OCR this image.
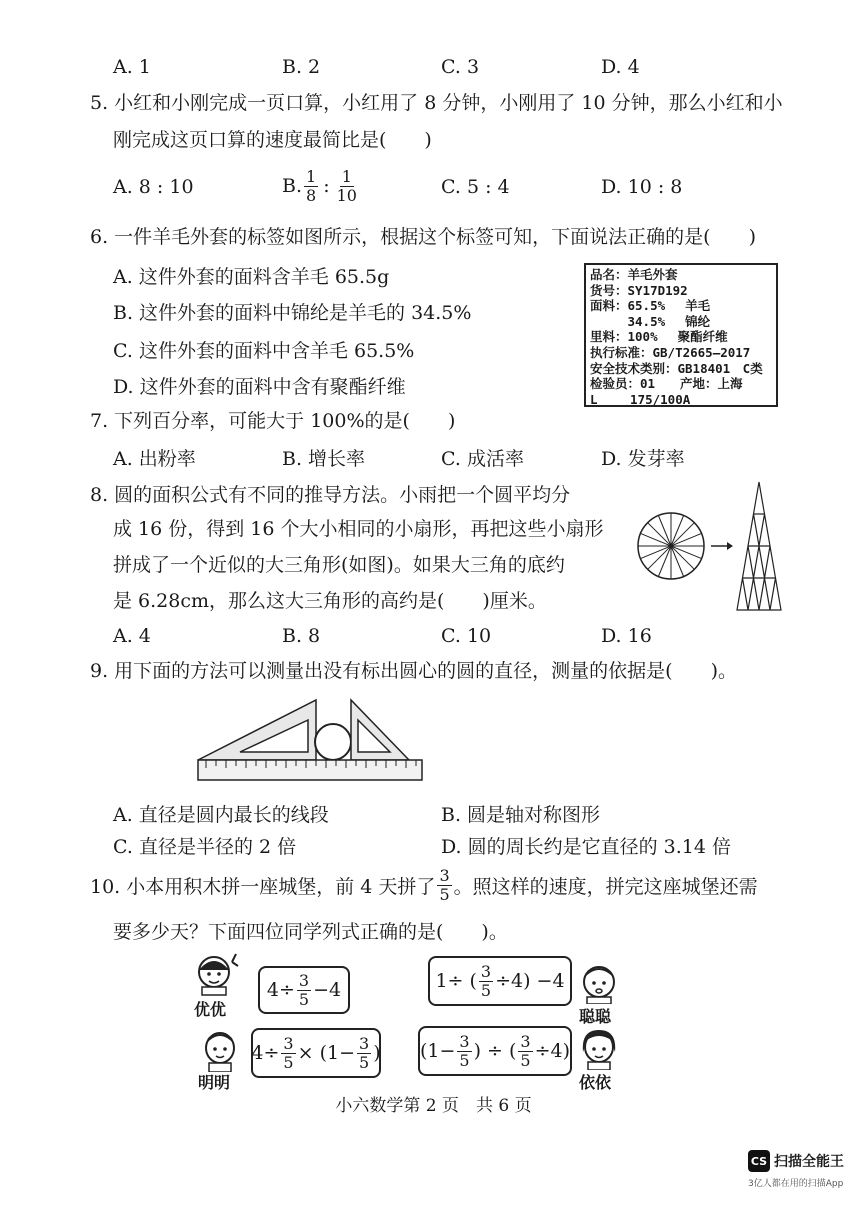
A. 1	B. 2	C. 3	D. 4
5. 小红和小刚完成一页口算，小红用了 8 分钟，小刚用了 10 分钟，那么小红和小
刚完成这页口算的速度最简比是(　　)
A. 8 : 10	B. $\frac{1}{8}$ : $\frac{1}{10}$	C. 5 : 4	D. 10 : 8
6. 一件羊毛外套的标签如图所示，根据这个标签可知，下面说法正确的是(　　)
A. 这件外套的面料含羊毛 65.5g
B. 这件外套的面料中锦纶是羊毛的 34.5%
C. 这件外套的面料中含羊毛 65.5%
D. 这件外套的面料中含有聚酯纤维
品名：羊毛外套
货号：SY17D192
面料：65.5%　 羊毛
　　　34.5%　 锦纶
里料：100%　 聚酯纤维
执行标准：GB/T2665—2017
安全技术类别：GB18401　C类
检验员：01　　产地：上海
L　　 175/100A
7. 下列百分率，可能大于 100%的是(　　)
A. 出粉率	B. 增长率	C. 成活率	D. 发芽率
8. 圆的面积公式有不同的推导方法。小雨把一个圆平均分
成 16 份，得到 16 个大小相同的小扇形，再把这些小扇形
拼成了一个近似的大三角形(如图)。如果大三角的底约
是 6.28cm，那么这大三角形的高约是(　　)厘米。
A. 4	B. 8	C. 10	D. 16
9. 用下面的方法可以测量出没有标出圆心的圆的直径，测量的依据是(　　)。
A. 直径是圆内最长的线段	B. 圆是轴对称图形
C. 直径是半径的 2 倍	D. 圆的周长约是它直径的 3.14 倍
10. 小本用积木拼一座城堡，前 4 天拼了 $\frac{3}{5}$ 。照这样的速度，拼完这座城堡还需
要多少天？下面四位同学列式正确的是(　　)。
优优
$4\div \frac{3}{5} -4$	1÷ ( $\frac{3}{5} \div 4) -4$
聪聪
明明
$4\div \frac{3}{5} \times (1- \frac{3}{5}$ ) ($1- \frac{3}{5}$ ) ÷ ( $\frac{3}{5} \div 4$)
依依
小六数学第 2 页　共 6 页
CS 扫描全能王
3亿人都在用的扫描App
